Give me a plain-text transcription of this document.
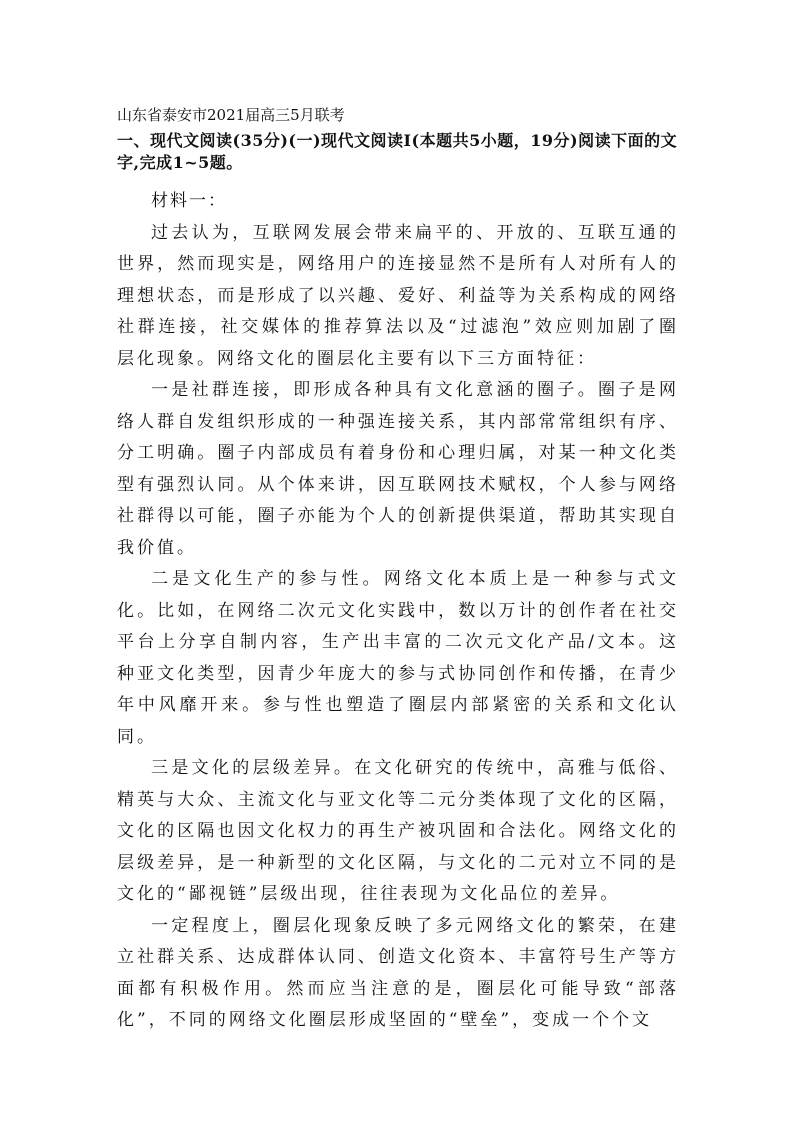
山东省泰安市2021届高三5月联考
一、现代文阅读(35分)(一)现代文阅读Ⅰ(本题共5小题，19分)阅读下面的文字,完成1~5题。

材料一：

过去认为，互联网发展会带来扁平的、开放的、互联互通的世界，然而现实是，网络用户的连接显然不是所有人对所有人的理想状态，而是形成了以兴趣、爱好、利益等为关系构成的网络社群连接，社交媒体的推荐算法以及“过滤泡”效应则加剧了圈层化现象。网络文化的圈层化主要有以下三方面特征：

一是社群连接，即形成各种具有文化意涵的圈子。圈子是网络人群自发组织形成的一种强连接关系，其内部常常组织有序、分工明确。圈子内部成员有着身份和心理归属，对某一种文化类型有强烈认同。从个体来讲，因互联网技术赋权，个人参与网络社群得以可能，圈子亦能为个人的创新提供渠道，帮助其实现自我价值。

二是文化生产的参与性。网络文化本质上是一种参与式文化。比如，在网络二次元文化实践中，数以万计的创作者在社交平台上分享自制内容，生产出丰富的二次元文化产品/文本。这种亚文化类型，因青少年庞大的参与式协同创作和传播，在青少年中风靡开来。参与性也塑造了圈层内部紧密的关系和文化认同。

三是文化的层级差异。在文化研究的传统中，高雅与低俗、精英与大众、主流文化与亚文化等二元分类体现了文化的区隔，文化的区隔也因文化权力的再生产被巩固和合法化。网络文化的层级差异，是一种新型的文化区隔，与文化的二元对立不同的是文化的“鄙视链”层级出现，往往表现为文化品位的差异。

一定程度上，圈层化现象反映了多元网络文化的繁荣，在建立社群关系、达成群体认同、创造文化资本、丰富符号生产等方面都有积极作用。然而应当注意的是，圈层化可能导致“部落化”，不同的网络文化圈层形成坚固的“壁垒”，变成一个个文
